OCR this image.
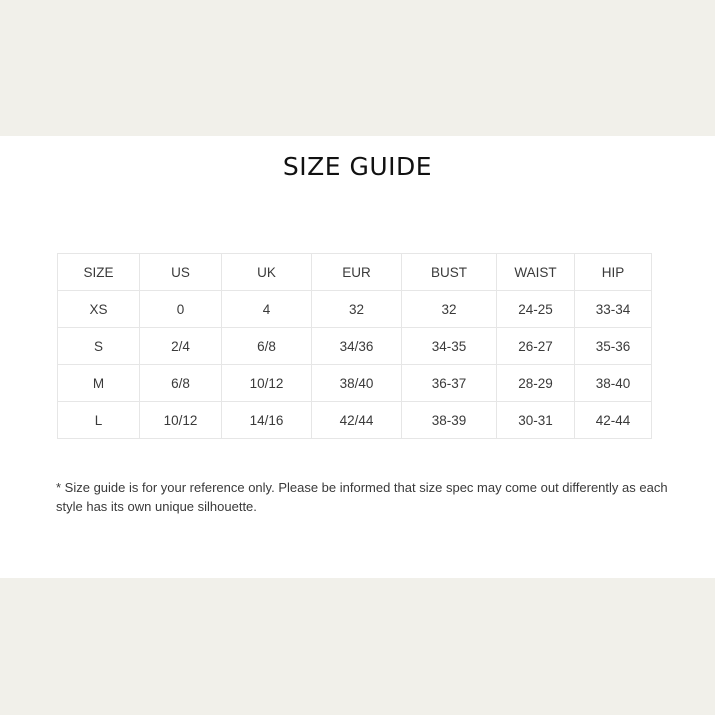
SIZE GUIDE
SIZE	US	UK	EUR	BUST	WAIST	HIP
XS	0	4	32	32	24-25	33-34
S	2/4	6/8	34/36	34-35	26-27	35-36
M	6/8	10/12	38/40	36-37	28-29	38-40
L	10/12	14/16	42/44	38-39	30-31	42-44

* Size guide is for your reference only. Please be informed that size spec may come out differently as each style has its own unique silhouette.
